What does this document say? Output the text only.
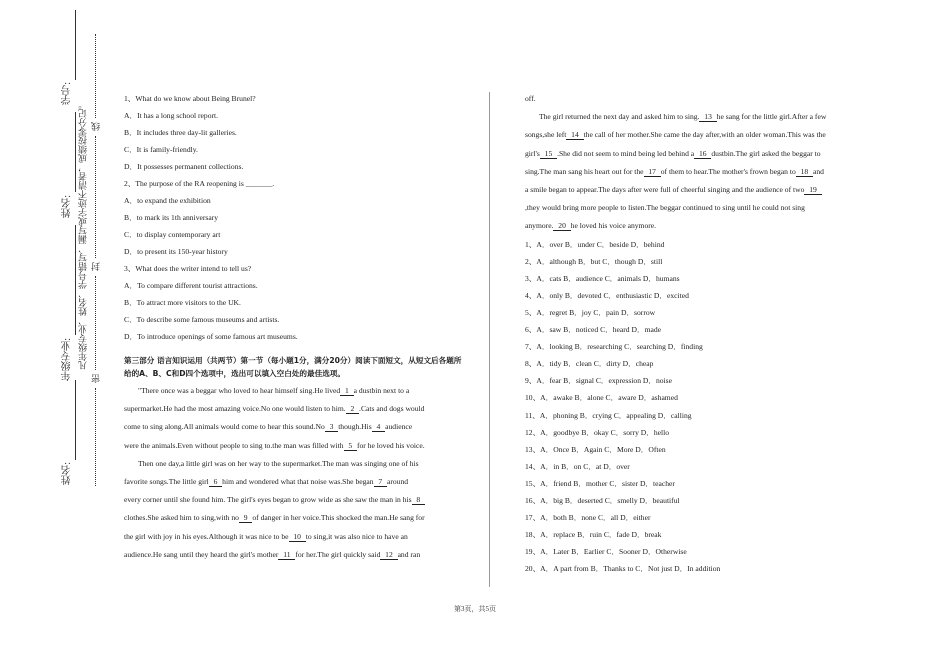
学号:
姓名:
年级专业:
姓名:
凡年级专业、姓名、学号错写、漏写或字迹不清者，成绩按零分记。 线
封
密
1、What do we know about Being Brunel?
A．It has a long school report.
B．It includes three day-lit galleries.
C．It is family-friendly.
D．It possesses permanent collections.
2、The purpose of the RA reopening is _______.
A．to expand the exhibition
B．to mark its 1th anniversary
C．to display contemporary art
D．to present its 150-year history
3、What does the writer intend to tell us?
A．To compare different tourist attractions.
B．To attract more visitors to the UK.
C．To describe some famous museums and artists.
D．To introduce openings of some famous art museums.
第三部分 语言知识运用（共两节）第一节（每小题1分，满分20分）阅读下面短文，从短文后各题所给的A、B、C和D四个选项中，选出可以填入空白处的最佳选项。
"There once was a beggar who loved to hear himself sing.He lived  1  a dustbin next to a
supermarket.He had the most amazing voice.No one would listen to him.  2  .Cats and dogs would
come to sing along.All animals would come to hear this sound.No  3  though.His  4  audience
were the animals.Even without people to sing to.the man was filled with  5  for he loved his voice.
Then one day,a little girl was on her way to the supermarket.The man was singing one of his
favorite songs.The little girl  6  him and wondered what that noise was.She began  7  around
every corner until she found him. The girl's eyes began to grow wide as she saw the man in his  8
clothes.She asked him to sing,with no  9  of danger in her voice.This shocked the man.He sang for
the girl with joy in his eyes.Although it was nice to be  10  to sing,it was also nice to have an
audience.He sang until they heard the girl's mother  11  for her.The girl quickly said  12  and ran
off.
The girl returned the next day and asked him to sing.  13  he sang for the little girl.After a few
songs,she left  14  the call of her mother.She came the day after,with an older woman.This was the
girl's  15  .She did not seem to mind being led behind a  16  dustbin.The girl asked the beggar to
sing.The man sang his heart out for the  17  of them to hear.The mother's frown began to  18  and
a smile began to appear.The days after were full of cheerful singing and the audience of two  19
,they would bring more people to listen.The beggar continued to sing until he could not sing
anymore.  20  he loved his voice anymore.
1、A．over B．under C．beside D．behind
2、A．although B．but C．though D．still
3、A．cats B．audience C．animals D．humans
4、A．only B．devoted C．enthusiastic D．excited
5、A．regret B．joy C．pain D．sorrow
6、A．saw B．noticed C．heard D．made
7、A．looking B．researching C．searching D．finding
8、A．tidy B．clean C．dirty D．cheap
9、A．fear B．signal C．expression D．noise
10、A．awake B．alone C．aware D．ashamed
11、A．phoning B．crying C．appealing D．calling
12、A．goodbye B．okay C．sorry D．hello
13、A．Once B．Again C．More D．Often
14、A．in B．on C．at D．over
15、A．friend B．mother C．sister D．teacher
16、A．big B．deserted C．smelly D．beautiful
17、A．both B．none C．all D．either
18、A．replace B．ruin C．fade D．break
19、A．Later B．Earlier C．Sooner D．Otherwise
20、A．A part from B．Thanks to C．Not just D．In addition
第3页，共5页
